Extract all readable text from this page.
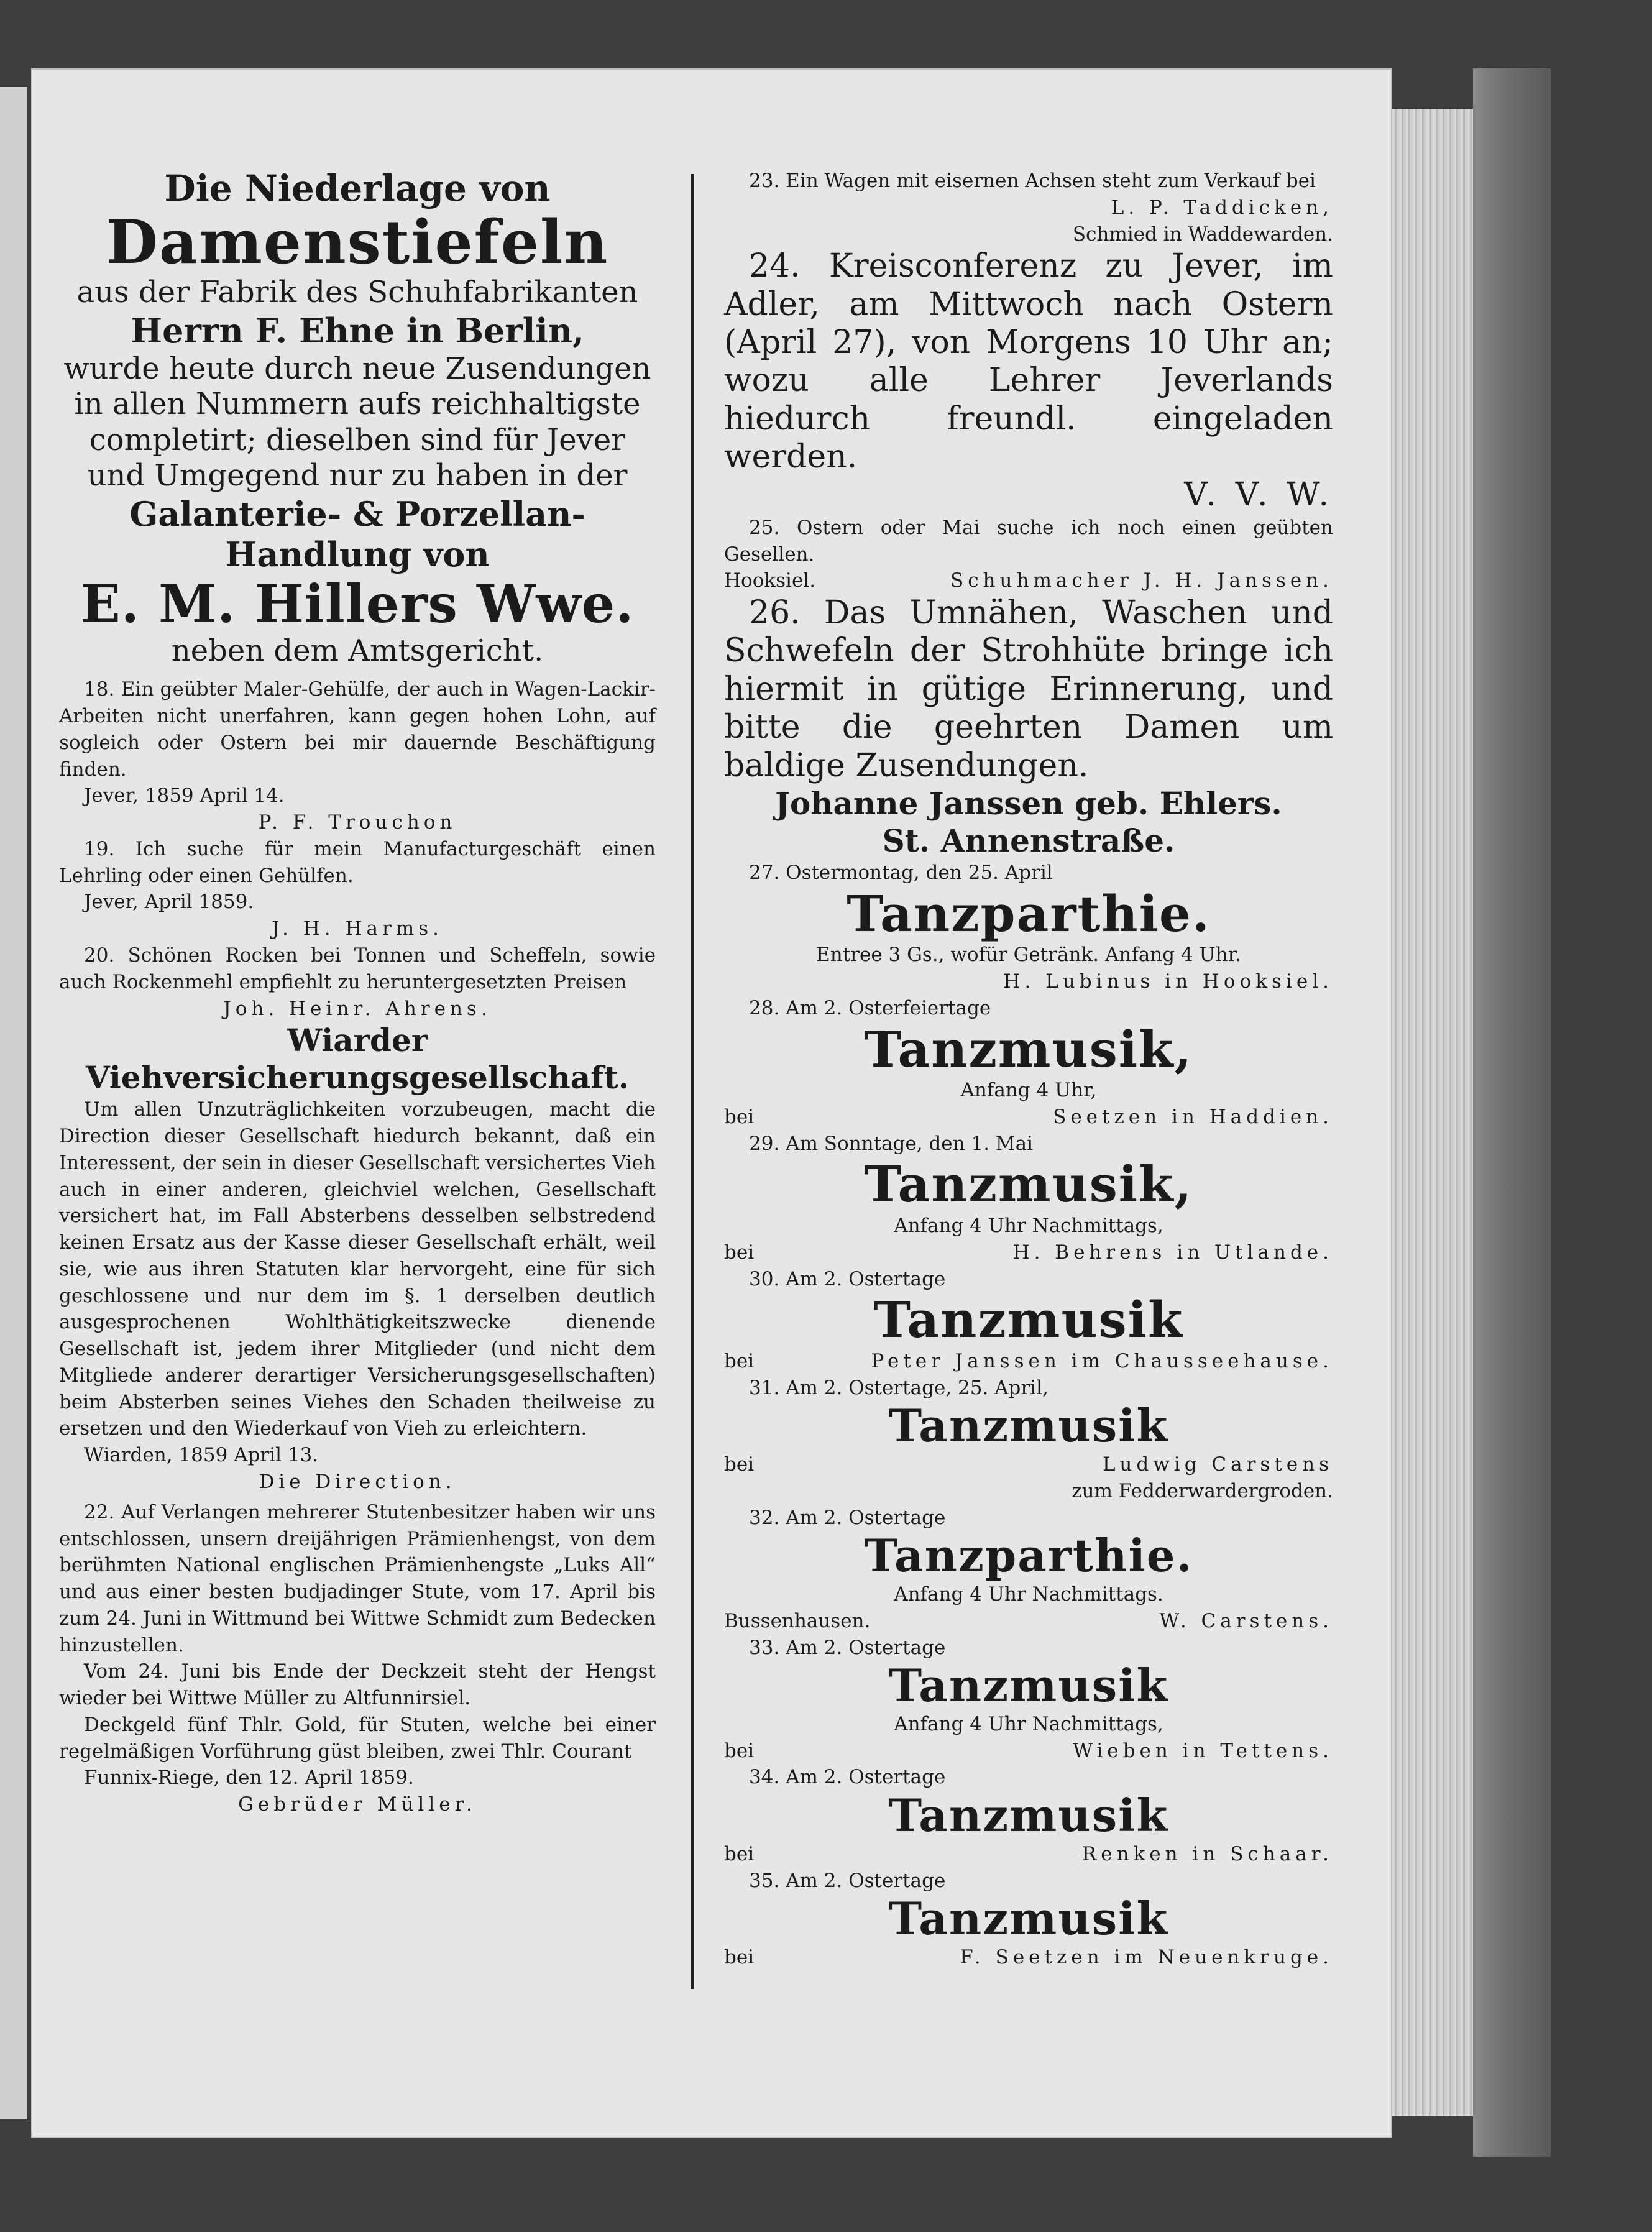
Die Niederlage von

Damenstiefeln

aus der Fabrik des Schuhfabrikanten

Herrn F. Ehne in Berlin,

wurde heute durch neue Zusendungen

in allen Nummern aufs reichhaltigste

completirt; dieselben sind für Jever

und Umgegend nur zu haben in der

Galanterie- & Porzellan-

Handlung von

E. M. Hillers Wwe.

neben dem Amtsgericht.

18. Ein geübter Maler-Gehülfe, der auch in Wagen-Lackir-Arbeiten nicht unerfahren, kann gegen hohen Lohn, auf sogleich oder Ostern bei mir dauernde Beschäftigung finden.

Jever, 1859 April 14.

P. F. Trouchon

19. Ich suche für mein Manufacturgeschäft einen Lehrling oder einen Gehülfen.

Jever, April 1859.

J. H. Harms.

20. Schönen Rocken bei Tonnen und Scheffeln, sowie auch Rockenmehl empfiehlt zu heruntergesetzten Preisen

Joh. Heinr. Ahrens.

Wiarder

Viehversicherungsgesellschaft.

Um allen Unzuträglichkeiten vorzubeugen, macht die Direction dieser Gesellschaft hiedurch bekannt, daß ein Interessent, der sein in dieser Gesellschaft versichertes Vieh auch in einer anderen, gleichviel welchen, Gesellschaft versichert hat, im Fall Absterbens desselben selbstredend keinen Ersatz aus der Kasse dieser Gesellschaft erhält, weil sie, wie aus ihren Statuten klar hervorgeht, eine für sich geschlossene und nur dem im §. 1 derselben deutlich ausgesprochenen Wohlthätigkeitszwecke dienende Gesellschaft ist, jedem ihrer Mitglieder (und nicht dem Mitgliede anderer derartiger Versicherungsgesellschaften) beim Absterben seines Viehes den Schaden theilweise zu ersetzen und den Wiederkauf von Vieh zu erleichtern.

Wiarden, 1859 April 13.

Die Direction.

22. Auf Verlangen mehrerer Stutenbesitzer haben wir uns entschlossen, unsern dreijährigen Prämienhengst, von dem berühmten National englischen Prämienhengste „Luks All“ und aus einer besten budjadinger Stute, vom 17. April bis zum 24. Juni in Wittmund bei Wittwe Schmidt zum Bedecken hinzustellen.

Vom 24. Juni bis Ende der Deckzeit steht der Hengst wieder bei Wittwe Müller zu Altfunnirsiel.

Deckgeld fünf Thlr. Gold, für Stuten, welche bei einer regelmäßigen Vorführung güst bleiben, zwei Thlr. Courant

Funnix-Riege, den 12. April 1859.

Gebrüder Müller.

23. Ein Wagen mit eisernen Achsen steht zum Verkauf bei

L. P. Taddicken,

Schmied in Waddewarden.

24. Kreisconferenz zu Jever, im Adler, am Mittwoch nach Ostern (April 27), von Morgens 10 Uhr an; wozu alle Lehrer Jeverlands hiedurch freundl. eingeladen werden.

V. V. W.

25. Ostern oder Mai suche ich noch einen geübten Gesellen.

Hooksiel.	Schuhmacher J. H. Janssen.

26. Das Umnähen, Waschen und Schwefeln der Strohhüte bringe ich hiermit in gütige Erinnerung, und bitte die geehrten Damen um baldige Zusendungen.

Johanne Janssen geb. Ehlers.

St. Annenstraße.

27. Ostermontag, den 25. April

Tanzparthie.

Entree 3 Gs., wofür Getränk. Anfang 4 Uhr.

H. Lubinus in Hooksiel.

28. Am 2. Osterfeiertage

Tanzmusik,

Anfang 4 Uhr,

bei	Seetzen in Haddien.

29. Am Sonntage, den 1. Mai

Tanzmusik,

Anfang 4 Uhr Nachmittags,

bei	H. Behrens in Utlande.

30. Am 2. Ostertage

Tanzmusik

bei	Peter Janssen im Chausseehause.

31. Am 2. Ostertage, 25. April,

Tanzmusik

bei	Ludwig Carstens

zum Fedderwardergroden.

32. Am 2. Ostertage

Tanzparthie.

Anfang 4 Uhr Nachmittags.

Bussenhausen.	W. Carstens.

33. Am 2. Ostertage

Tanzmusik

Anfang 4 Uhr Nachmittags,

bei	Wieben in Tettens.

34. Am 2. Ostertage

Tanzmusik

bei	Renken in Schaar.

35. Am 2. Ostertage

Tanzmusik

bei	F. Seetzen im Neuenkruge.
